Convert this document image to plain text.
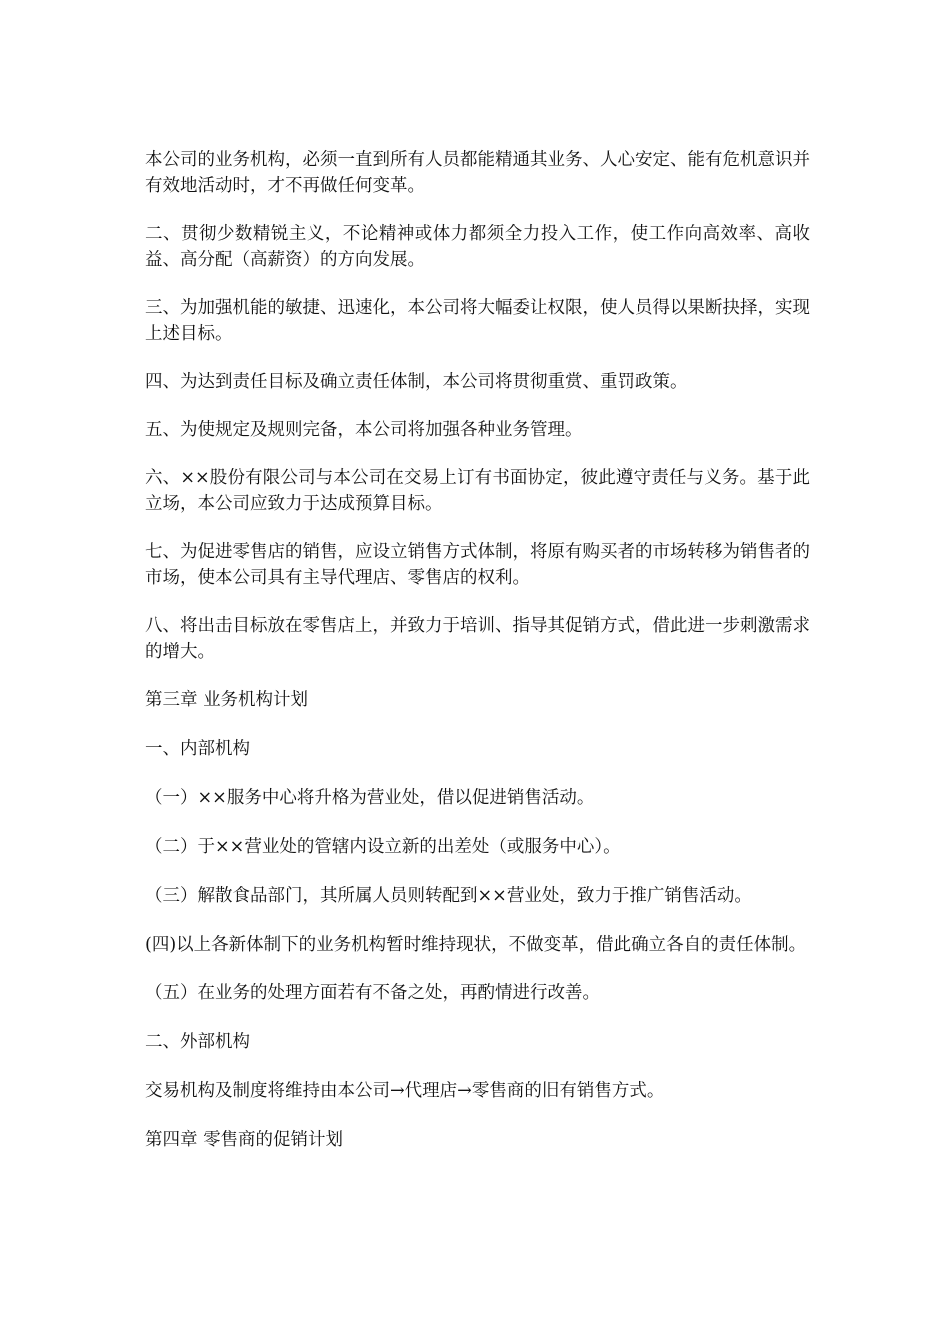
本公司的业务机构，必须一直到所有人员都能精通其业务、人心安定、能有危机意识并有效地活动时，才不再做任何变革。

二、贯彻少数精锐主义，不论精神或体力都须全力投入工作，使工作向高效率、高收益、高分配（高薪资）的方向发展。

三、为加强机能的敏捷、迅速化，本公司将大幅委让权限，使人员得以果断抉择，实现上述目标。

四、为达到责任目标及确立责任体制，本公司将贯彻重赏、重罚政策。

五、为使规定及规则完备，本公司将加强各种业务管理。

六、××股份有限公司与本公司在交易上订有书面协定，彼此遵守责任与义务。基于此立场，本公司应致力于达成预算目标。

七、为促进零售店的销售，应设立销售方式体制，将原有购买者的市场转移为销售者的市场，使本公司具有主导代理店、零售店的权利。

八、将出击目标放在零售店上，并致力于培训、指导其促销方式，借此进一步刺激需求的增大。

第三章 业务机构计划

一、内部机构

（一）××服务中心将升格为营业处，借以促进销售活动。

（二）于××营业处的管辖内设立新的出差处（或服务中心）。

（三）解散食品部门，其所属人员则转配到××营业处，致力于推广销售活动。

(四)以上各新体制下的业务机构暂时维持现状，不做变革，借此确立各自的责任体制。

（五）在业务的处理方面若有不备之处，再酌情进行改善。

二、外部机构

交易机构及制度将维持由本公司→代理店→零售商的旧有销售方式。

第四章 零售商的促销计划
